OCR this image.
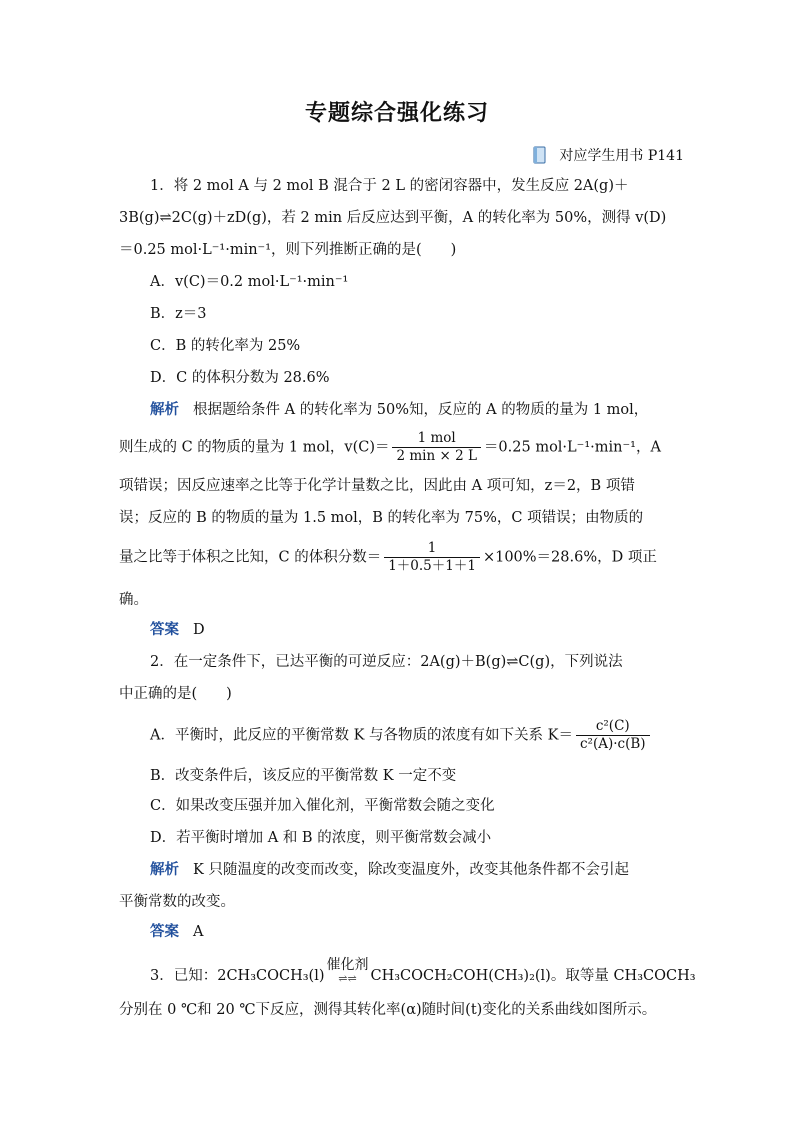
专题综合强化练习
对应学生用书 P141
1．将 2 mol A 与 2 mol B 混合于 2 L 的密闭容器中，发生反应 2A(g)＋
3B(g)⇌2C(g)＋zD(g)，若 2 min 后反应达到平衡，A 的转化率为 50%，测得 v(D)
＝0.25 mol·L⁻¹·min⁻¹，则下列推断正确的是(　　)
A．v(C)＝0.2 mol·L⁻¹·min⁻¹
B．z＝3
C．B 的转化率为 25%
D．C 的体积分数为 28.6%
解析 根据题给条件 A 的转化率为 50%知，反应的 A 的物质的量为 1 mol，
则生成的 C 的物质的量为 1 mol，$v(C)= \frac{\text{1 mol}}{2 \min \times 2 L} =0.25$ mol·L⁻¹·min⁻¹，A
项错误；因反应速率之比等于化学计量数之比，因此由 A 项可知，z＝2，B 项错
误；反应的 B 的物质的量为 1.5 mol，B 的转化率为 75%，C 项错误；由物质的
量之比等于体积之比知，C 的体积分数＝ $\frac{1}{1+0.5+1+1} \times 100\%=28.6\%$，D 项正
确。
答案 D
2．在一定条件下，已达平衡的可逆反应：2A(g)＋B(g)⇌C(g)，下列说法
中正确的是(　　)
A．平衡时，此反应的平衡常数 K 与各物质的浓度有如下关系 $K= \frac{\text{c²(C)}}{\text{c²(A)·c(B)}}$
B．改变条件后，该反应的平衡常数 K 一定不变
C．如果改变压强并加入催化剂，平衡常数会随之变化
D．若平衡时增加 A 和 B 的浓度，则平衡常数会减小
解析 K 只随温度的改变而改变，除改变温度外，改变其他条件都不会引起
平衡常数的改变。
答案 A
3．已知：2CH₃COCH₃(l)
催化剂
⇌⇌ CH₃COCH₂COH(CH₃)₂(l)。取等量 CH₃COCH₃
分别在 0 ℃和 20 ℃下反应，测得其转化率(α)随时间(t)变化的关系曲线如图所示。
